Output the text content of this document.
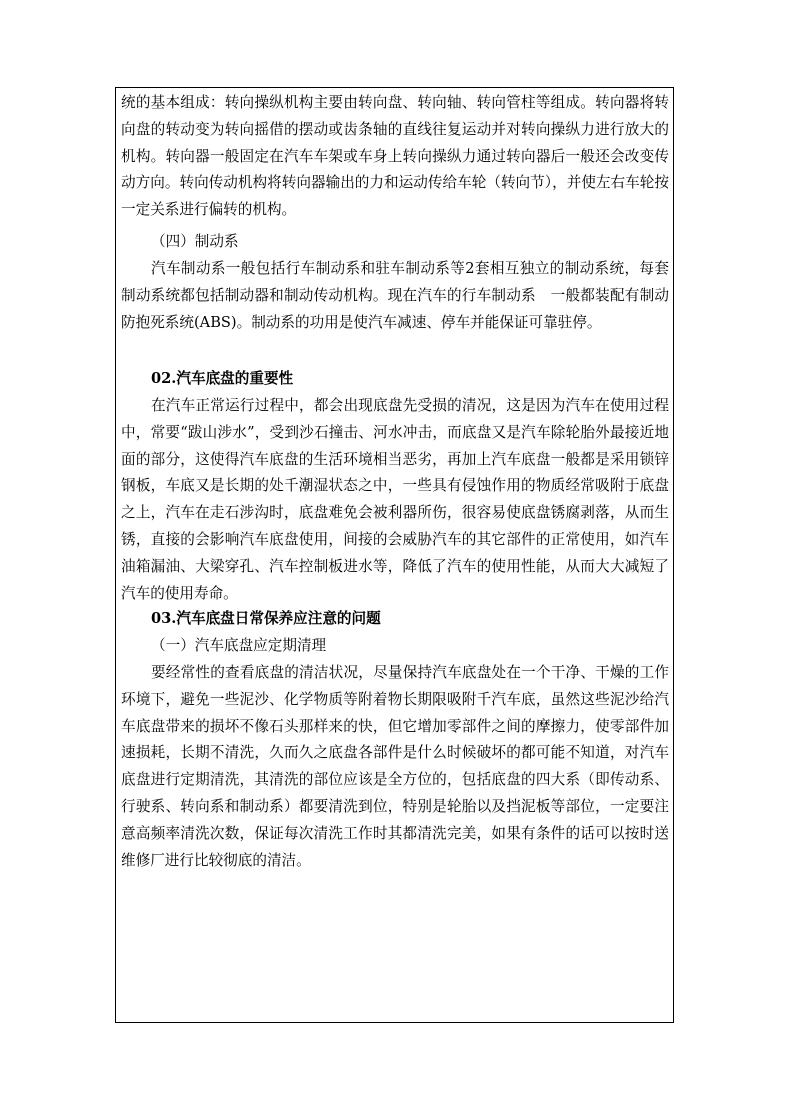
统的基本组成：转向操纵机构主要由转向盘、转向轴、转向管柱等组成。转向器将转向盘的转动变为转向摇借的摆动或齿条轴的直线往复运动并对转向操纵力进行放大的机构。转向器一般固定在汽车车架或车身上转向操纵力通过转向器后一般还会改变传动方向。转向传动机构将转向器输出的力和运动传给车轮（转向节），并使左右车轮按一定关系进行偏转的机构。

（四）制动系

汽车制动系一般包括行车制动系和驻车制动系等2套相互独立的制动系统，每套制动系统都包括制动器和制动传动机构。现在汽车的行车制动系　一般都装配有制动防抱死系统(ABS)。制动系的功用是使汽车减速、停车并能保证可靠驻停。

02.汽车底盘的重要性

在汽车正常运行过程中，都会出现底盘先受损的清况，这是因为汽车在使用过程中，常要“跋山涉水”，受到沙石撞击、河水冲击，而底盘又是汽车除轮胎外最接近地面的部分，这使得汽车底盘的生活环境相当恶劣，再加上汽车底盘一般都是采用锁锌钢板，车底又是长期的处千潮湿状态之中，一些具有侵蚀作用的物质经常吸附于底盘之上，汽车在走石涉沟时，底盘难免会被利器所伤，很容易使底盘锈腐剥落，从而生锈，直接的会影响汽车底盘使用，间接的会威胁汽车的其它部件的正常使用，如汽车油箱漏油、大梁穿孔、汽车控制板进水等，降低了汽车的使用性能，从而大大减短了汽车的使用寿命。

03.汽车底盘日常保养应注意的问题

（一）汽车底盘应定期清理

要经常性的查看底盘的清洁状况，尽量保持汽车底盘处在一个干净、干燥的工作环境下，避免一些泥沙、化学物质等附着物长期限吸附千汽车底，虽然这些泥沙给汽车底盘带来的损坏不像石头那样来的快，但它增加零部件之间的摩擦力，使零部件加速损耗，长期不清洗，久而久之底盘各部件是什么时候破坏的都可能不知道，对汽车底盘进行定期清洗，其清洗的部位应该是全方位的，包括底盘的四大系（即传动系、行驶系、转向系和制动系）都要清洗到位，特别是轮胎以及挡泥板等部位，一定要注意高频率清洗次数，保证每次清洗工作时其都清洗完美，如果有条件的话可以按时送维修厂进行比较彻底的清洁。
